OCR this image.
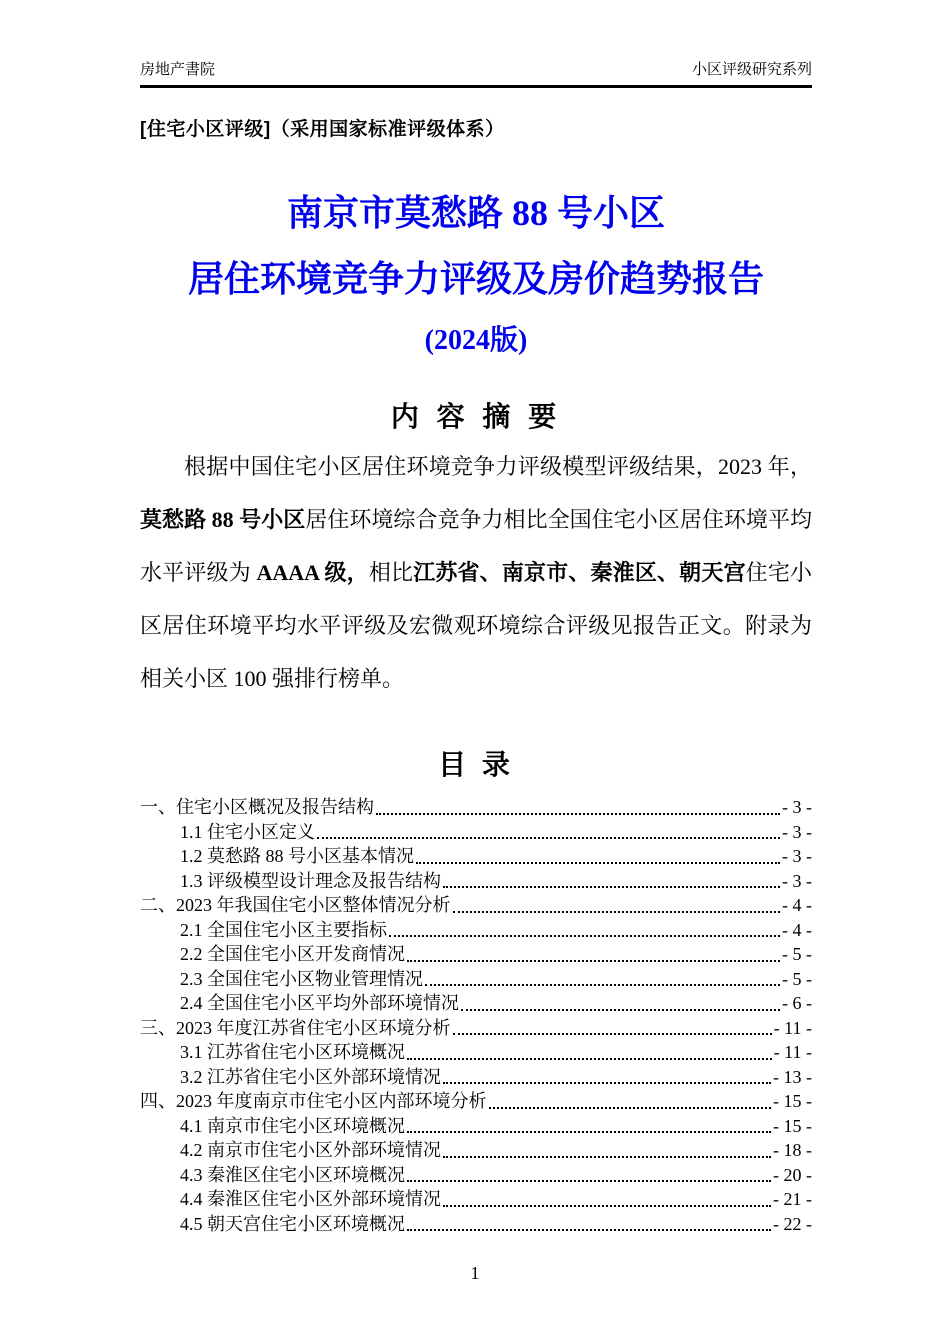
房地产書院	小区评级研究系列
[住宅小区评级]（采用国家标准评级体系）
南京市莫愁路 88 号小区
居住环境竞争力评级及房价趋势报告
(2024版)
内 容 摘 要
根据中国住宅小区居住环境竞争力评级模型评级结果，2023 年，莫愁路 88 号小区居住环境综合竞争力相比全国住宅小区居住环境平均水平评级为 AAAA 级，相比江苏省、南京市、秦淮区、朝天宫住宅小区居住环境平均水平评级及宏微观环境综合评级见报告正文。附录为相关小区 100 强排行榜单。
目 录
一、住宅小区概况及报告结构	- 3 -
1.1 住宅小区定义	- 3 -
1.2 莫愁路 88 号小区基本情况	- 3 -
1.3 评级模型设计理念及报告结构	- 3 -
二、2023 年我国住宅小区整体情况分析	- 4 -
2.1 全国住宅小区主要指标	- 4 -
2.2 全国住宅小区开发商情况	- 5 -
2.3 全国住宅小区物业管理情况	- 5 -
2.4 全国住宅小区平均外部环境情况	- 6 -
三、2023 年度江苏省住宅小区环境分析	- 11 -
3.1 江苏省住宅小区环境概况	- 11 -
3.2 江苏省住宅小区外部环境情况	- 13 -
四、2023 年度南京市住宅小区内部环境分析	- 15 -
4.1 南京市住宅小区环境概况	- 15 -
4.2 南京市住宅小区外部环境情况	- 18 -
4.3 秦淮区住宅小区环境概况	- 20 -
4.4 秦淮区住宅小区外部环境情况	- 21 -
4.5 朝天宫住宅小区环境概况	- 22 -
1
